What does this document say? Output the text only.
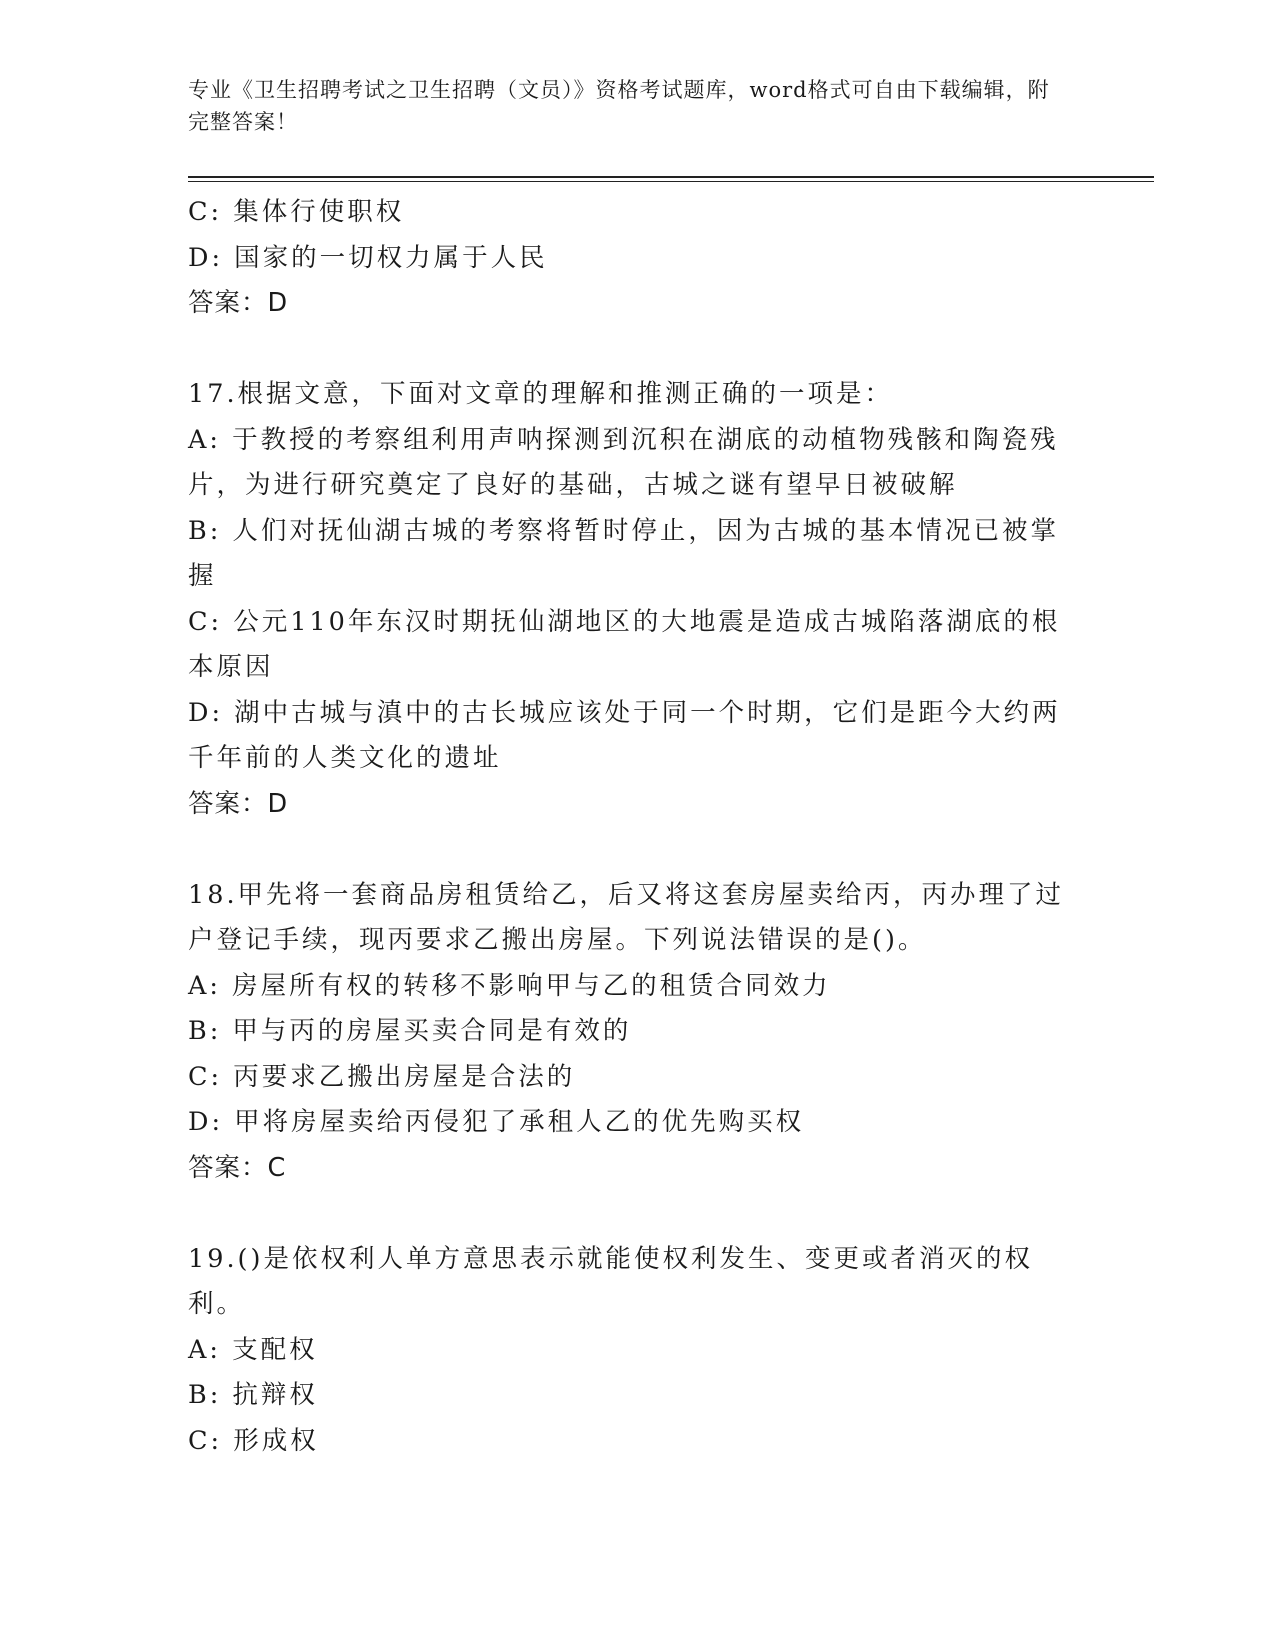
专业《卫生招聘考试之卫生招聘（文员）》资格考试题库，word格式可自由下载编辑，附完整答案！
C: 集体行使职权
D: 国家的一切权力属于人民
答案：D
17.根据文意，下面对文章的理解和推测正确的一项是：
A: 于教授的考察组利用声呐探测到沉积在湖底的动植物残骸和陶瓷残片，为进行研究奠定了良好的基础，古城之谜有望早日被破解
B: 人们对抚仙湖古城的考察将暂时停止，因为古城的基本情况已被掌握
C: 公元110年东汉时期抚仙湖地区的大地震是造成古城陷落湖底的根本原因
D: 湖中古城与滇中的古长城应该处于同一个时期，它们是距今大约两千年前的人类文化的遗址
答案：D
18.甲先将一套商品房租赁给乙，后又将这套房屋卖给丙，丙办理了过户登记手续，现丙要求乙搬出房屋。下列说法错误的是()。
A: 房屋所有权的转移不影响甲与乙的租赁合同效力
B: 甲与丙的房屋买卖合同是有效的
C: 丙要求乙搬出房屋是合法的
D: 甲将房屋卖给丙侵犯了承租人乙的优先购买权
答案：C
19.()是依权利人单方意思表示就能使权利发生、变更或者消灭的权利。
A: 支配权
B: 抗辩权
C: 形成权
